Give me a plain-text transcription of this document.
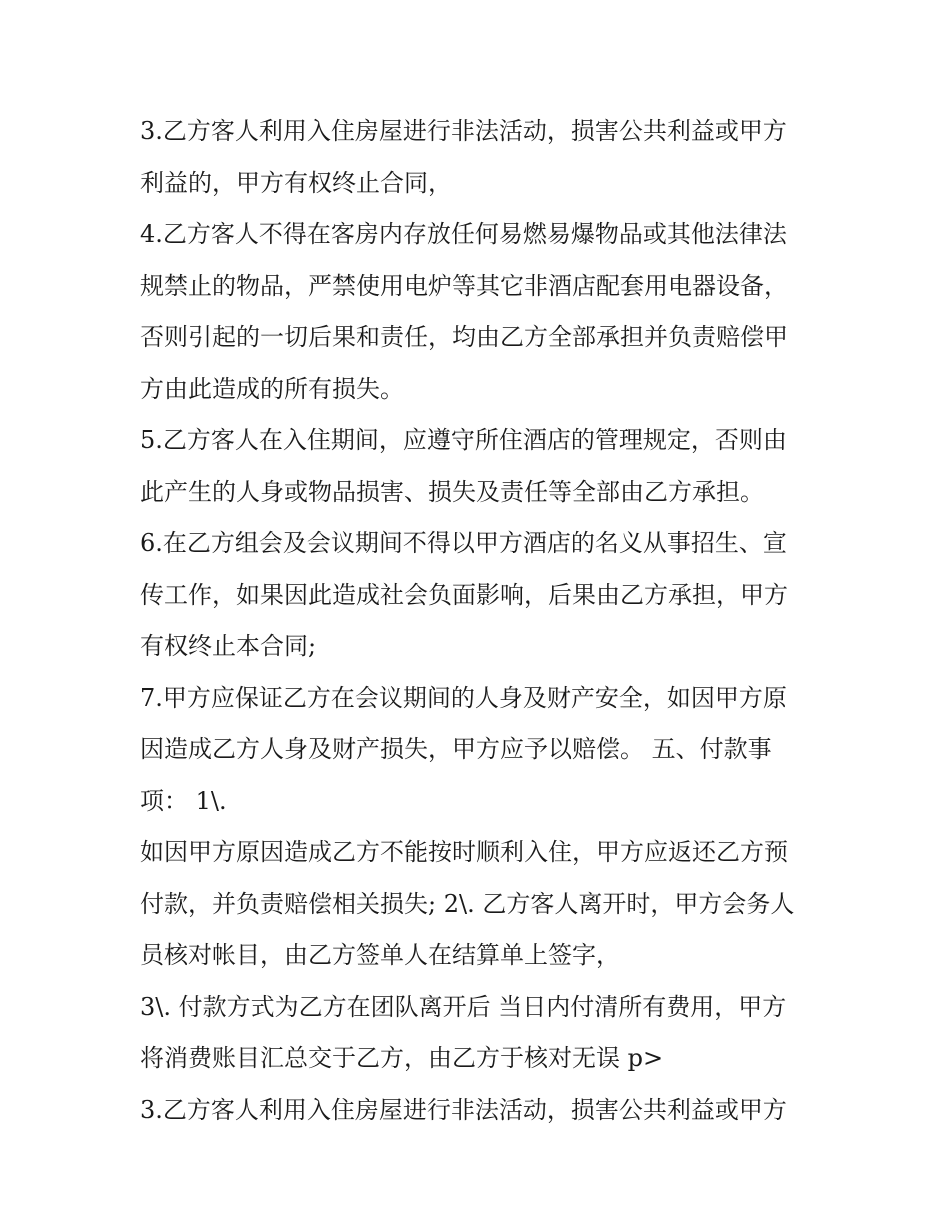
3.乙方客人利用入住房屋进行非法活动，损害公共利益或甲方
利益的，甲方有权终止合同，
4.乙方客人不得在客房内存放任何易燃易爆物品或其他法律法
规禁止的物品，严禁使用电炉等其它非酒店配套用电器设备，
否则引起的一切后果和责任，均由乙方全部承担并负责赔偿甲
方由此造成的所有损失。
5.乙方客人在入住期间，应遵守所住酒店的管理规定，否则由
此产生的人身或物品损害、损失及责任等全部由乙方承担。
6.在乙方组会及会议期间不得以甲方酒店的名义从事招生、宣
传工作，如果因此造成社会负面影响，后果由乙方承担，甲方
有权终止本合同;
7.甲方应保证乙方在会议期间的人身及财产安全，如因甲方原
因造成乙方人身及财产损失，甲方应予以赔偿。 五、付款事
项： 1\.
如因甲方原因造成乙方不能按时顺利入住，甲方应返还乙方预
付款，并负责赔偿相关损失; 2\. 乙方客人离开时，甲方会务人
员核对帐目，由乙方签单人在结算单上签字，
3\. 付款方式为乙方在团队离开后 当日内付清所有费用，甲方
将消费账目汇总交于乙方，由乙方于核对无误 p>
3.乙方客人利用入住房屋进行非法活动，损害公共利益或甲方
